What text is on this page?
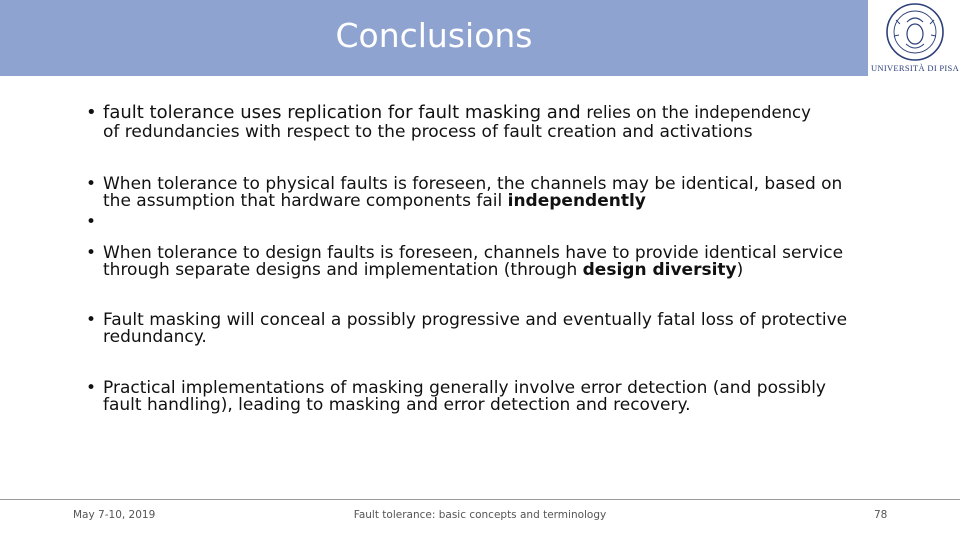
Conclusions
UNIVERSITÀ DI PISA
• fault tolerance uses replication for fault masking and relies on the independency
of redundancies with respect to the process of fault creation and activations
• When tolerance to physical faults is foreseen, the channels may be identical, based on
the assumption that hardware components fail independently
•
• When tolerance to design faults is foreseen, channels have to provide identical service
through separate designs and implementation (through design diversity)
• Fault masking will conceal a possibly progressive and eventually fatal loss of protective
redundancy.
• Practical implementations of masking generally involve error detection (and possibly
fault handling), leading to masking and error detection and recovery.
May 7-10, 2019	Fault tolerance: basic concepts and terminology	78
